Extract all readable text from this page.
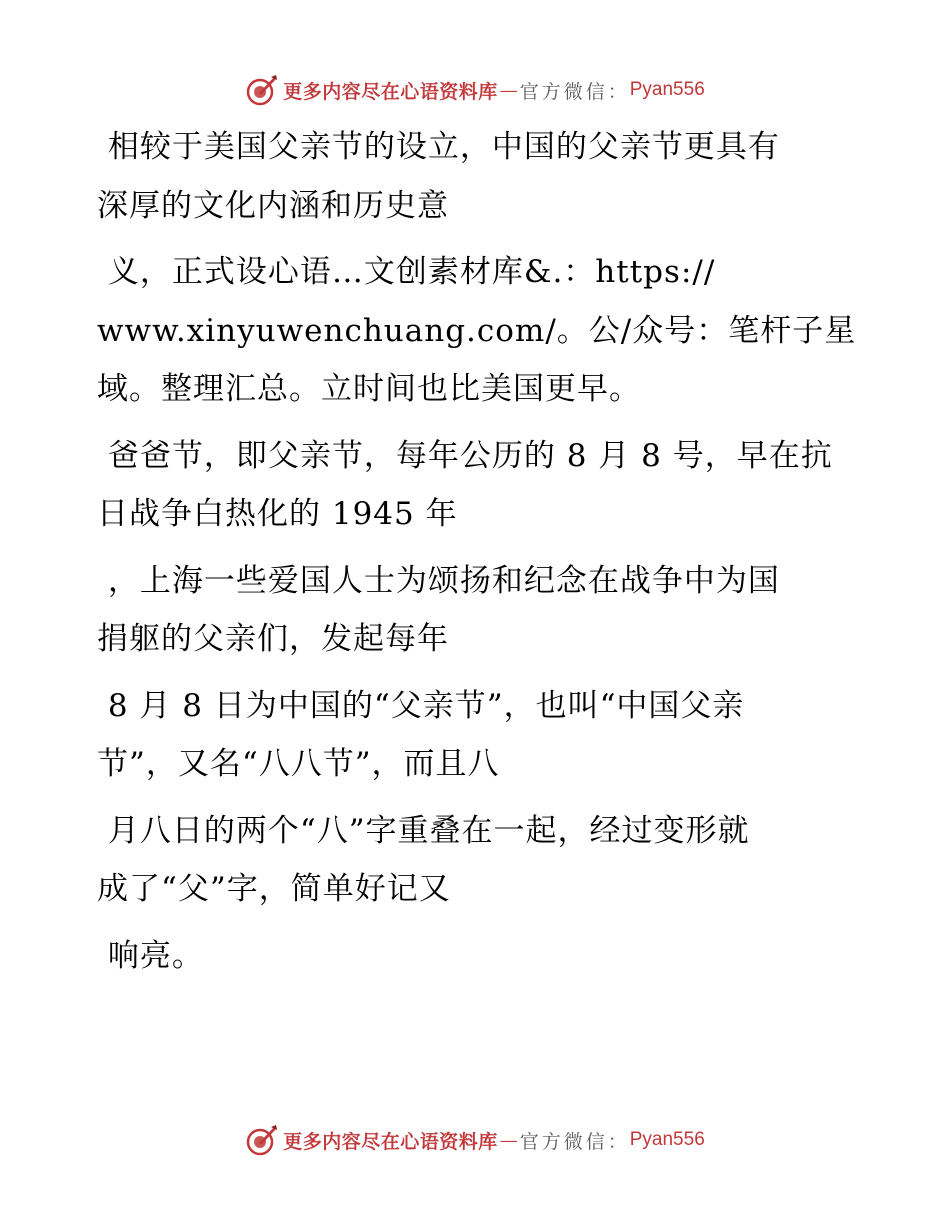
更多内容尽在心语资料库 — 官方微信： Pyan556

相较于美国父亲节的设立，中国的父亲节更具有
深厚的文化内涵和历史意

义，正式设心语…文创素材库&.：https://
www.xinyuwenchuang.com/。公/众号：笔杆子星
域。整理汇总。立时间也比美国更早。

爸爸节，即父亲节，每年公历的 8 月 8 号，早在抗
日战争白热化的 1945 年

，上海一些爱国人士为颂扬和纪念在战争中为国
捐躯的父亲们，发起每年

8 月 8 日为中国的“父亲节”，也叫“中国父亲
节”，又名“八八节”，而且八

月八日的两个“八”字重叠在一起，经过变形就
成了“父”字，简单好记又

响亮。

更多内容尽在心语资料库 — 官方微信： Pyan556
